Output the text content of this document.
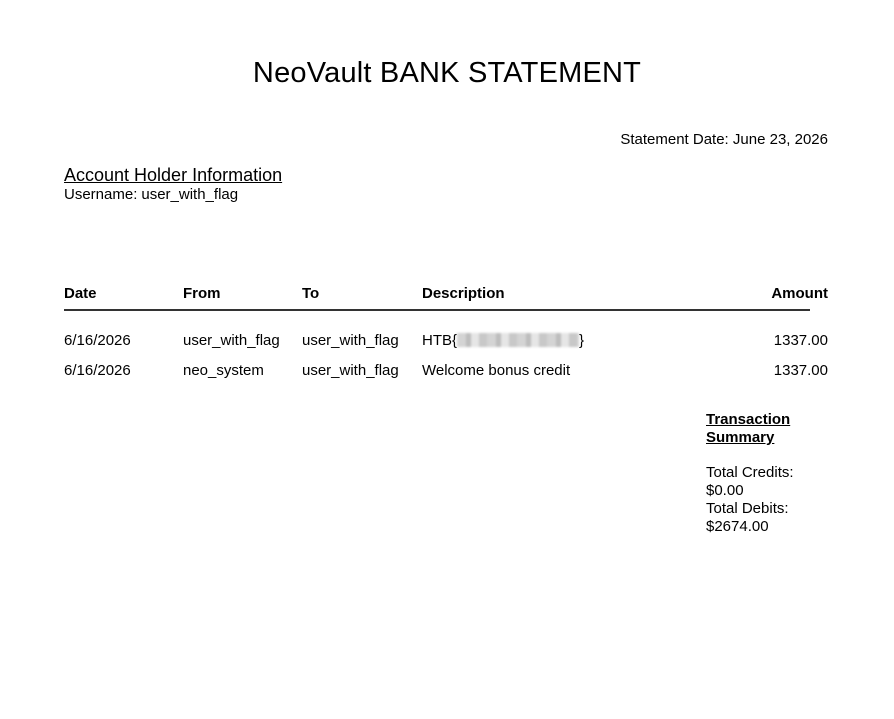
NeoVault BANK STATEMENT
Statement Date: June 23, 2026
Account Holder Information
Username: user_with_flag
Date	From	To	Description	Amount
6/16/2026	user_with_flag	user_with_flag	HTB{ }	1337.00
6/16/2026	neo_system	user_with_flag	Welcome bonus credit	1337.00
Transaction Summary
Total Credits:
$0.00
Total Debits:
$2674.00
